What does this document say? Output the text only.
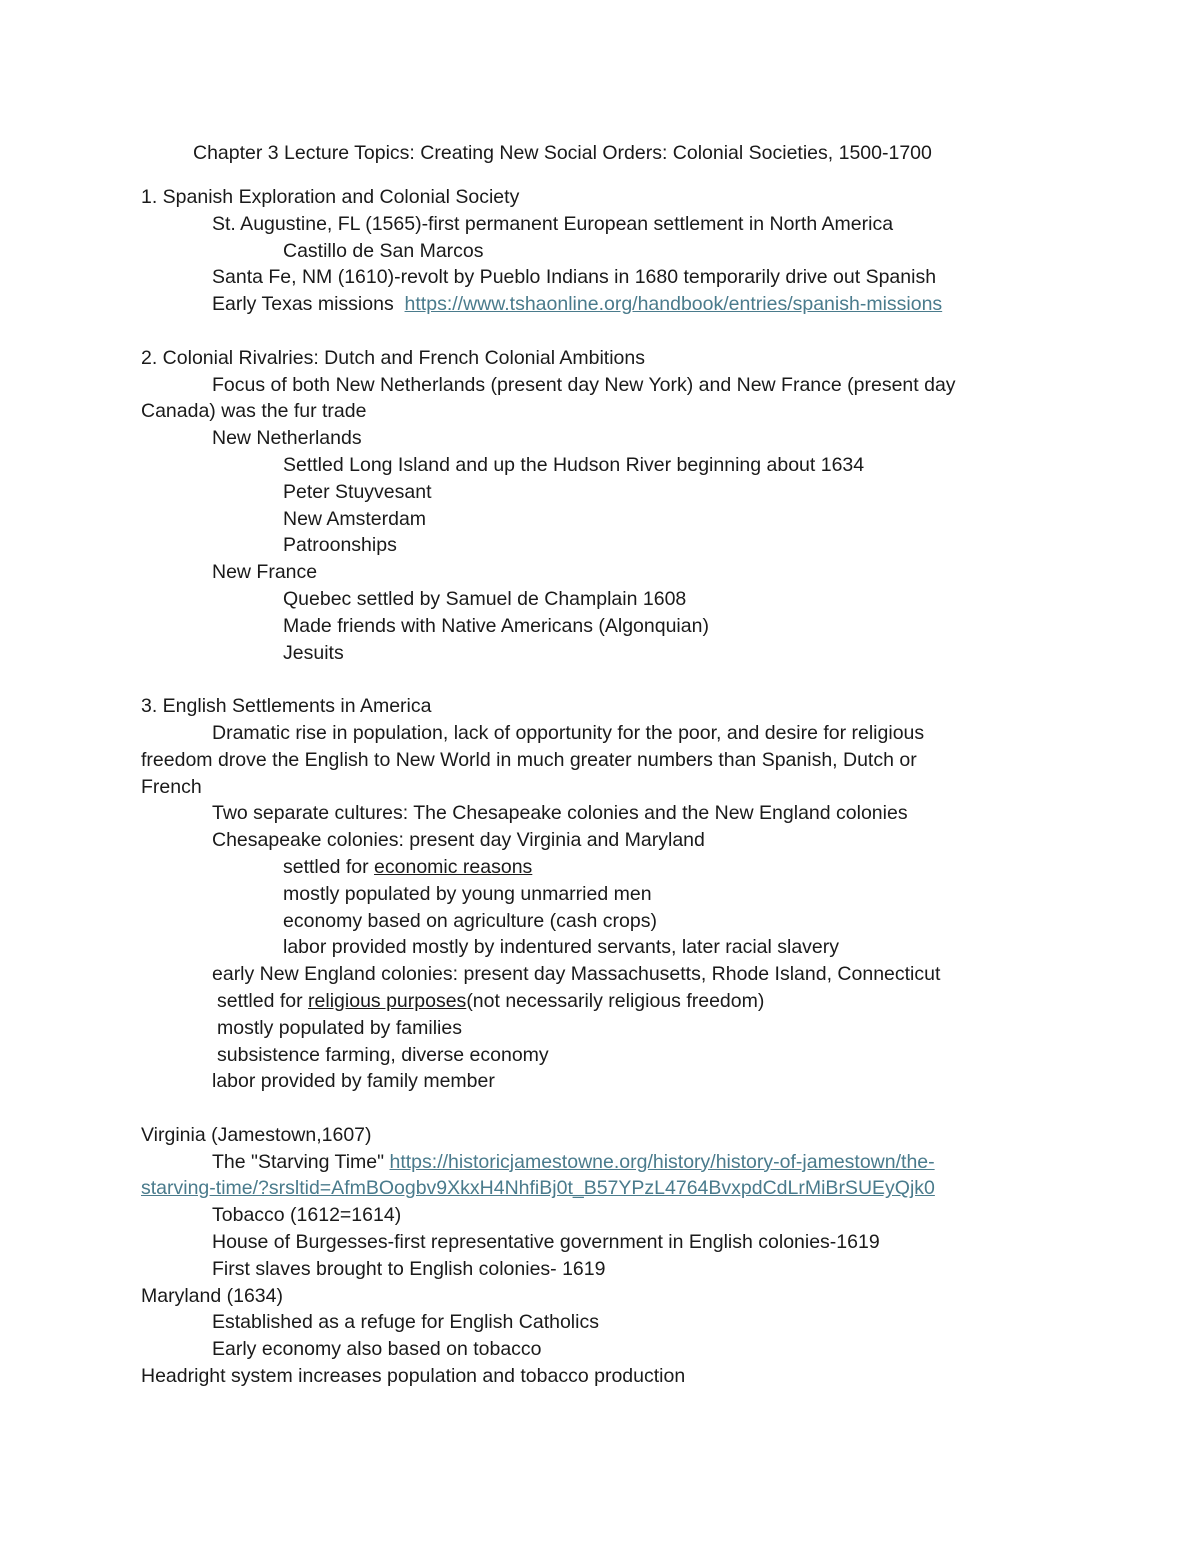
Chapter 3 Lecture Topics: Creating New Social Orders: Colonial Societies, 1500-1700
1. Spanish Exploration and Colonial Society
St. Augustine, FL (1565)-first permanent European settlement in North America
Castillo de San Marcos
Santa Fe, NM (1610)-revolt by Pueblo Indians in 1680 temporarily drive out Spanish
Early Texas missions https://www.tshaonline.org/handbook/entries/spanish-missions
2. Colonial Rivalries: Dutch and French Colonial Ambitions
Focus of both New Netherlands (present day New York) and New France (present day
Canada) was the fur trade
New Netherlands
Settled Long Island and up the Hudson River beginning about 1634
Peter Stuyvesant
New Amsterdam
Patroonships
New France
Quebec settled by Samuel de Champlain 1608
Made friends with Native Americans (Algonquian)
Jesuits
3. English Settlements in America
Dramatic rise in population, lack of opportunity for the poor, and desire for religious
freedom drove the English to New World in much greater numbers than Spanish, Dutch or
French
Two separate cultures: The Chesapeake colonies and the New England colonies
Chesapeake colonies: present day Virginia and Maryland
settled for economic reasons
mostly populated by young unmarried men
economy based on agriculture (cash crops)
labor provided mostly by indentured servants, later racial slavery
early New England colonies: present day Massachusetts, Rhode Island, Connecticut
settled for religious purposes(not necessarily religious freedom)
mostly populated by families
subsistence farming, diverse economy
labor provided by family member
Virginia (Jamestown,1607)
The "Starving Time" https://historicjamestowne.org/history/history-of-jamestown/the-
starving-time/?srsltid=AfmBOogbv9XkxH4NhfiBj0t_B57YPzL4764BvxpdCdLrMiBrSUEyQjk0
Tobacco (1612=1614)
House of Burgesses-first representative government in English colonies-1619
First slaves brought to English colonies- 1619
Maryland (1634)
Established as a refuge for English Catholics
Early economy also based on tobacco
Headright system increases population and tobacco production
